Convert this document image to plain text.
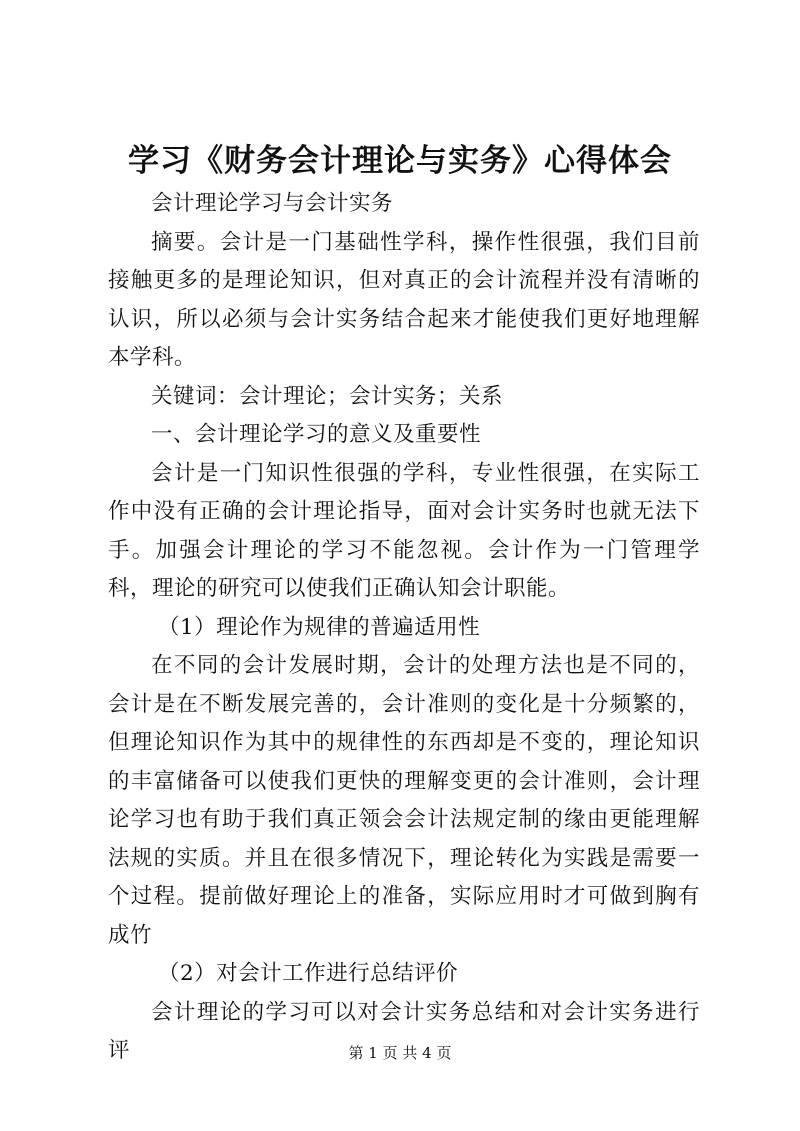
学习《财务会计理论与实务》心得体会

会计理论学习与会计实务

摘要。会计是一门基础性学科，操作性很强，我们目前接触更多的是理论知识，但对真正的会计流程并没有清晰的认识，所以必须与会计实务结合起来才能使我们更好地理解本学科。

关键词：会计理论；会计实务；关系

一、会计理论学习的意义及重要性

会计是一门知识性很强的学科，专业性很强，在实际工作中没有正确的会计理论指导，面对会计实务时也就无法下手。加强会计理论的学习不能忽视。会计作为一门管理学科，理论的研究可以使我们正确认知会计职能。

（1）理论作为规律的普遍适用性

在不同的会计发展时期，会计的处理方法也是不同的，会计是在不断发展完善的，会计准则的变化是十分频繁的，但理论知识作为其中的规律性的东西却是不变的，理论知识的丰富储备可以使我们更快的理解变更的会计准则，会计理论学习也有助于我们真正领会会计法规定制的缘由更能理解法规的实质。并且在很多情况下，理论转化为实践是需要一个过程。提前做好理论上的准备，实际应用时才可做到胸有成竹

（2）对会计工作进行总结评价

会计理论的学习可以对会计实务总结和对会计实务进行评	第 1 页 共 4 页
